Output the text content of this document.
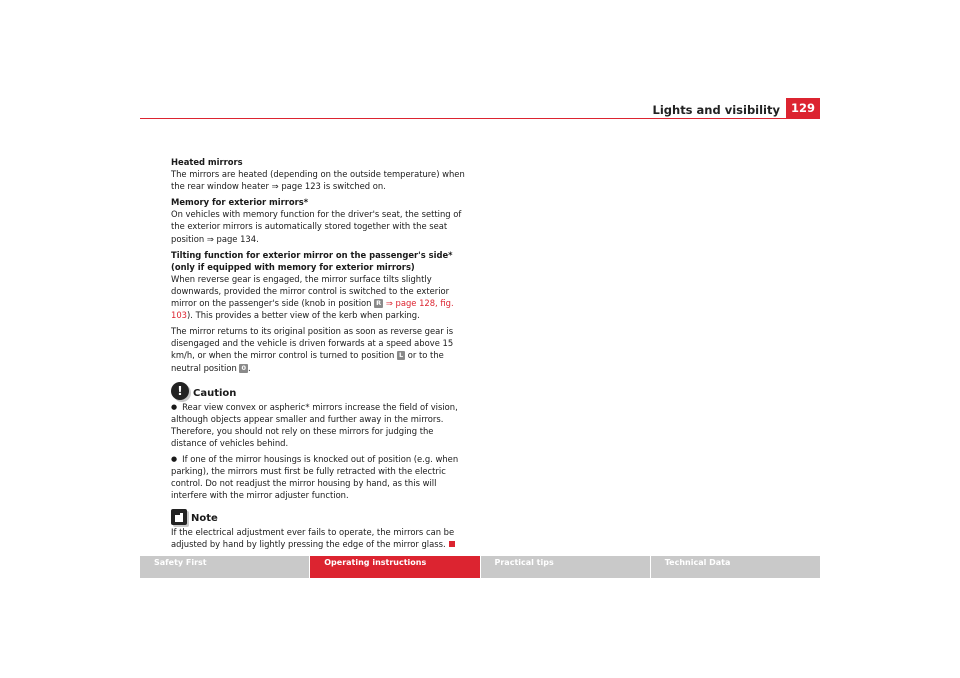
Lights and visibility 129
Heated mirrors

The mirrors are heated (depending on the outside temperature) when the rear window heater ⇒ page 123 is switched on.

Memory for exterior mirrors*

On vehicles with memory function for the driver's seat, the setting of the exterior mirrors is automatically stored together with the seat position ⇒ page 134.

Tilting function for exterior mirror on the passenger's side* (only if equipped with memory for exterior mirrors)

When reverse gear is engaged, the mirror surface tilts slightly downwards, provided the mirror control is switched to the exterior mirror on the passenger's side (knob in position R ⇒ page 128, fig. 103). This provides a better view of the kerb when parking.

The mirror returns to its original position as soon as reverse gear is disengaged and the vehicle is driven forwards at a speed above 15 km/h, or when the mirror control is turned to position L or to the neutral position 0 .

!	Caution

● Rear view convex or aspheric* mirrors increase the field of vision, although objects appear smaller and further away in the mirrors. Therefore, you should not rely on these mirrors for judging the distance of vehicles behind.

● If one of the mirror housings is knocked out of position (e.g. when parking), the mirrors must first be fully retracted with the electric control. Do not readjust the mirror housing by hand, as this will interfere with the mirror adjuster function.

Note

If the electrical adjustment ever fails to operate, the mirrors can be adjusted by hand by lightly pressing the edge of the mirror glass.

Safety First	Operating instructions	Practical tips	Technical Data
